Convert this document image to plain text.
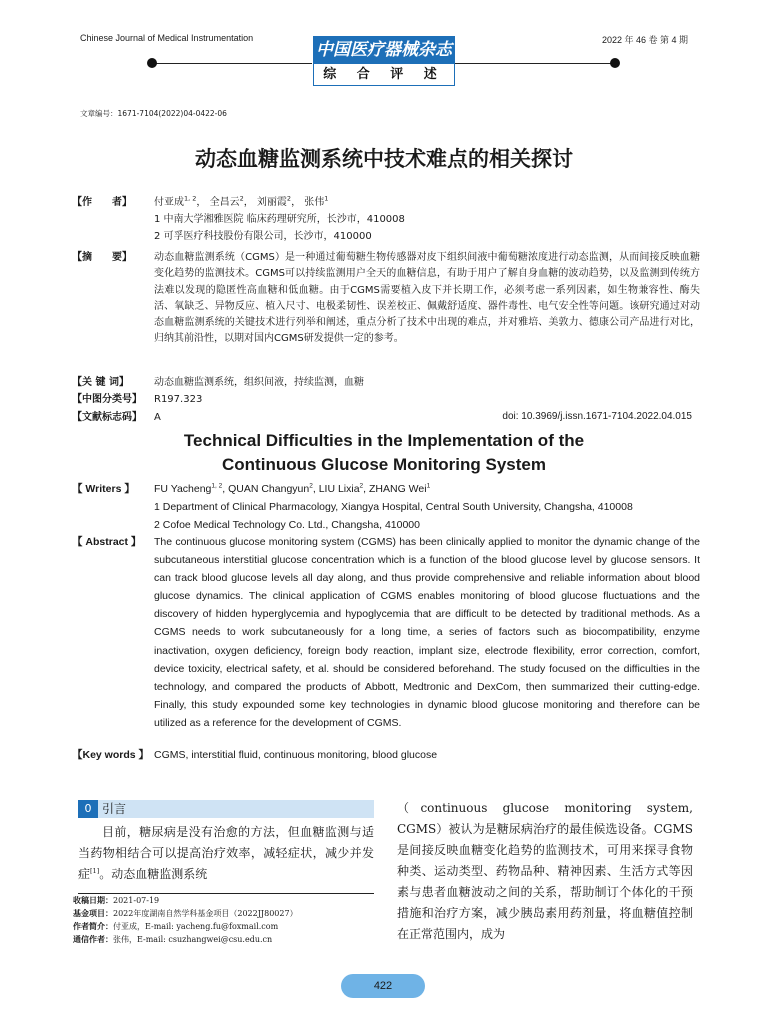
Chinese Journal of Medical Instrumentation	2022 年 46 卷 第 4 期
中国医疗器械杂志
综 合 评 述
文章编号：1671-7104(2022)04-0422-06
动态血糖监测系统中技术难点的相关探讨
【作　　者】	付亚成$^{1, 2}$， 全昌云$^2$， 刘丽霞$^2$， 张伟$^1$
1 中南大学湘雅医院 临床药理研究所，长沙市，410008
2 可孚医疗科技股份有限公司，长沙市，410000
【摘　　要】	动态血糖监测系统（CGMS）是一种通过葡萄糖生物传感器对皮下组织间液中葡萄糖浓度进行动态监测，从而间接反映血糖变化趋势的监测技术。CGMS可以持续监测用户全天的血糖信息，有助于用户了解自身血糖的波动趋势，以及监测到传统方法难以发现的隐匿性高血糖和低血糖。由于CGMS需要植入皮下并长期工作，必须考虑一系列因素，如生物兼容性、酶失活、氧缺乏、异物反应、植入尺寸、电极柔韧性、误差校正、佩戴舒适度、器件毒性、电气安全性等问题。该研究通过对动态血糖监测系统的关键技术进行列举和阐述，重点分析了技术中出现的难点，并对雅培、美敦力、德康公司产品进行对比，归纳其前沿性，以期对国内CGMS研发提供一定的参考。
【关 键 词】	动态血糖监测系统，组织间液，持续监测，血糖
【中图分类号】	R197.323
【文献标志码】	A	doi: 10.3969/j.issn.1671-7104.2022.04.015
Technical Difficulties in the Implementation of the
Continuous Glucose Monitoring System
【 Writers 】	FU Yacheng$^{1, 2}$, QUAN Changyun$^2$, LIU Lixia$^2$, ZHANG Wei$^1$
1 Department of Clinical Pharmacology, Xiangya Hospital, Central South University, Changsha, 410008
2 Cofoe Medical Technology Co. Ltd., Changsha, 410000
【 Abstract 】	The continuous glucose monitoring system (CGMS) has been clinically applied to monitor the dynamic change of the subcutaneous interstitial glucose concentration which is a function of the blood glucose level by glucose sensors. It can track blood glucose levels all day along, and thus provide comprehensive and reliable information about blood glucose dynamics. The clinical application of CGMS enables monitoring of blood glucose fluctuations and the discovery of hidden hyperglycemia and hypoglycemia that are difficult to be detected by traditional methods. As a CGMS needs to work subcutaneously for a long time, a series of factors such as biocompatibility, enzyme inactivation, oxygen deficiency, foreign body reaction, implant size, electrode flexibility, error correction, comfort, device toxicity, electrical safety, et al. should be considered beforehand. The study focused on the difficulties in the technology, and compared the products of Abbott, Medtronic and DexCom, then summarized their cutting-edge. Finally, this study expounded some key technologies in dynamic blood glucose monitoring and therefore can be utilized as a reference for the development of CGMS.
【Key words 】 CGMS, interstitial fluid, continuous monitoring, blood glucose
0 引言
目前，糖尿病是没有治愈的方法，但血糖监测与适当药物相结合可以提高治疗效率，减轻症状，减少并发症[1]。动态血糖监测系统
（continuous glucose monitoring system, CGMS）被认为是糖尿病治疗的最佳候选设备。CGMS是间接反映血糖变化趋势的监测技术，可用来探寻食物种类、运动类型、药物品种、精神因素、生活方式等因素与患者血糖波动之间的关系，帮助制订个体化的干预措施和治疗方案，减少胰岛素用药剂量，将血糖值控制在正常范围内，成为
收稿日期：2021-07-19
基金项目：2022年度湖南自然学科基金项目（2022JJ80027）
作者简介：付亚成，E-mail: yacheng.fu@foxmail.com
通信作者：张伟，E-mail: csuzhangwei@csu.edu.cn
422
